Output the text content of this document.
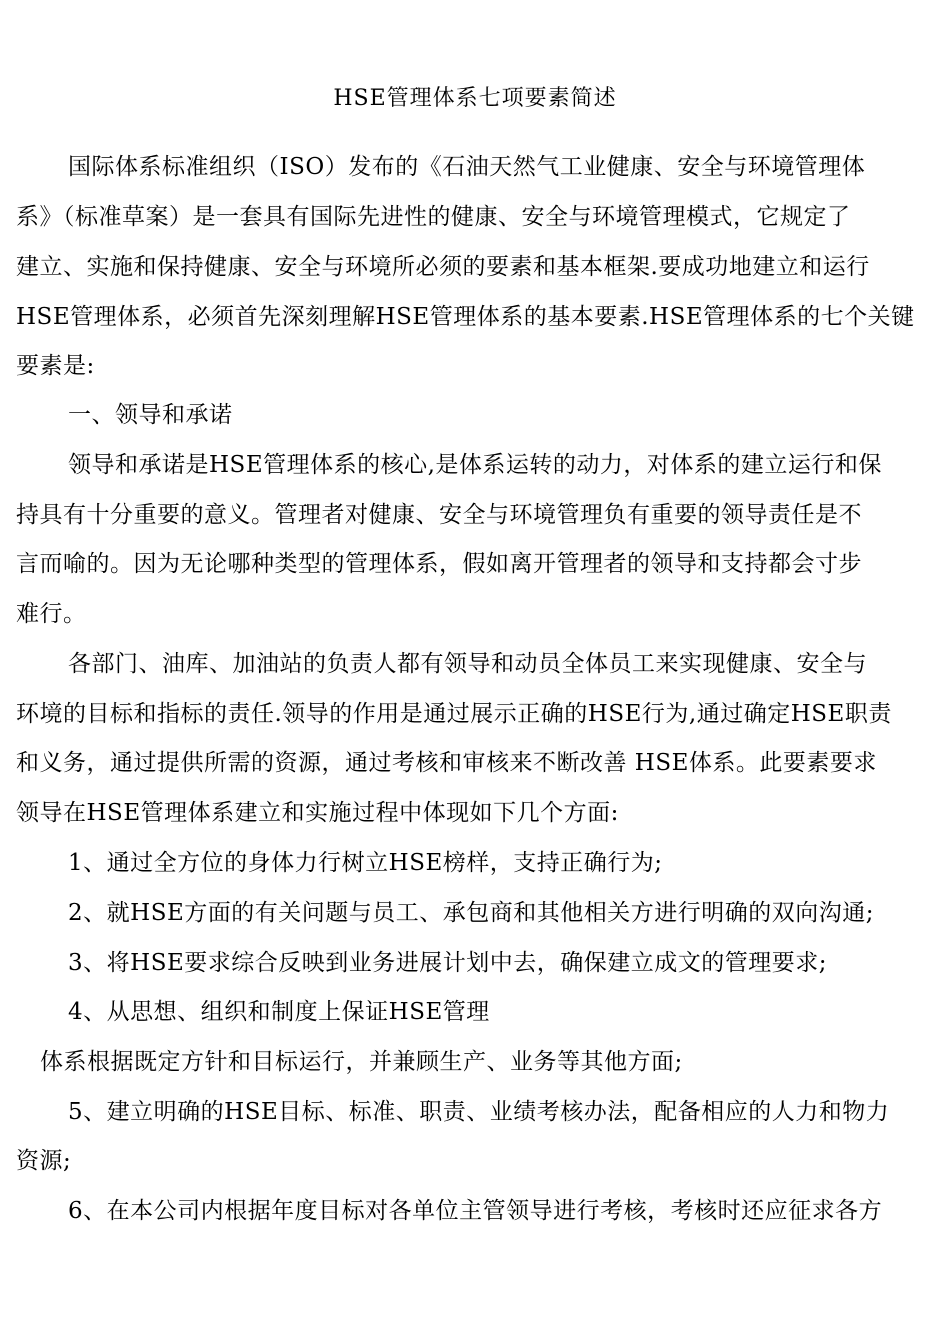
HSE管理体系七项要素简述
国际体系标准组织（ISO）发布的《石油天然气工业健康、安全与环境管理体
系》（标准草案）是一套具有国际先进性的健康、安全与环境管理模式，它规定了
建立、实施和保持健康、安全与环境所必须的要素和基本框架.要成功地建立和运行
HSE管理体系，必须首先深刻理解HSE管理体系的基本要素.HSE管理体系的七个关键
要素是:
一、领导和承诺
领导和承诺是HSE管理体系的核心,是体系运转的动力，对体系的建立运行和保
持具有十分重要的意义。管理者对健康、安全与环境管理负有重要的领导责任是不
言而喻的。因为无论哪种类型的管理体系，假如离开管理者的领导和支持都会寸步
难行。
各部门、油库、加油站的负责人都有领导和动员全体员工来实现健康、安全与
环境的目标和指标的责任.领导的作用是通过展示正确的HSE行为,通过确定HSE职责
和义务，通过提供所需的资源，通过考核和审核来不断改善 HSE体系。此要素要求
领导在HSE管理体系建立和实施过程中体现如下几个方面:
1、通过全方位的身体力行树立HSE榜样，支持正确行为;
2、就HSE方面的有关问题与员工、承包商和其他相关方进行明确的双向沟通;
3、将HSE要求综合反映到业务进展计划中去，确保建立成文的管理要求;
4、从思想、组织和制度上保证HSE管理
体系根据既定方针和目标运行，并兼顾生产、业务等其他方面;
5、建立明确的HSE目标、标准、职责、业绩考核办法，配备相应的人力和物力
资源;
6、在本公司内根据年度目标对各单位主管领导进行考核，考核时还应征求各方
